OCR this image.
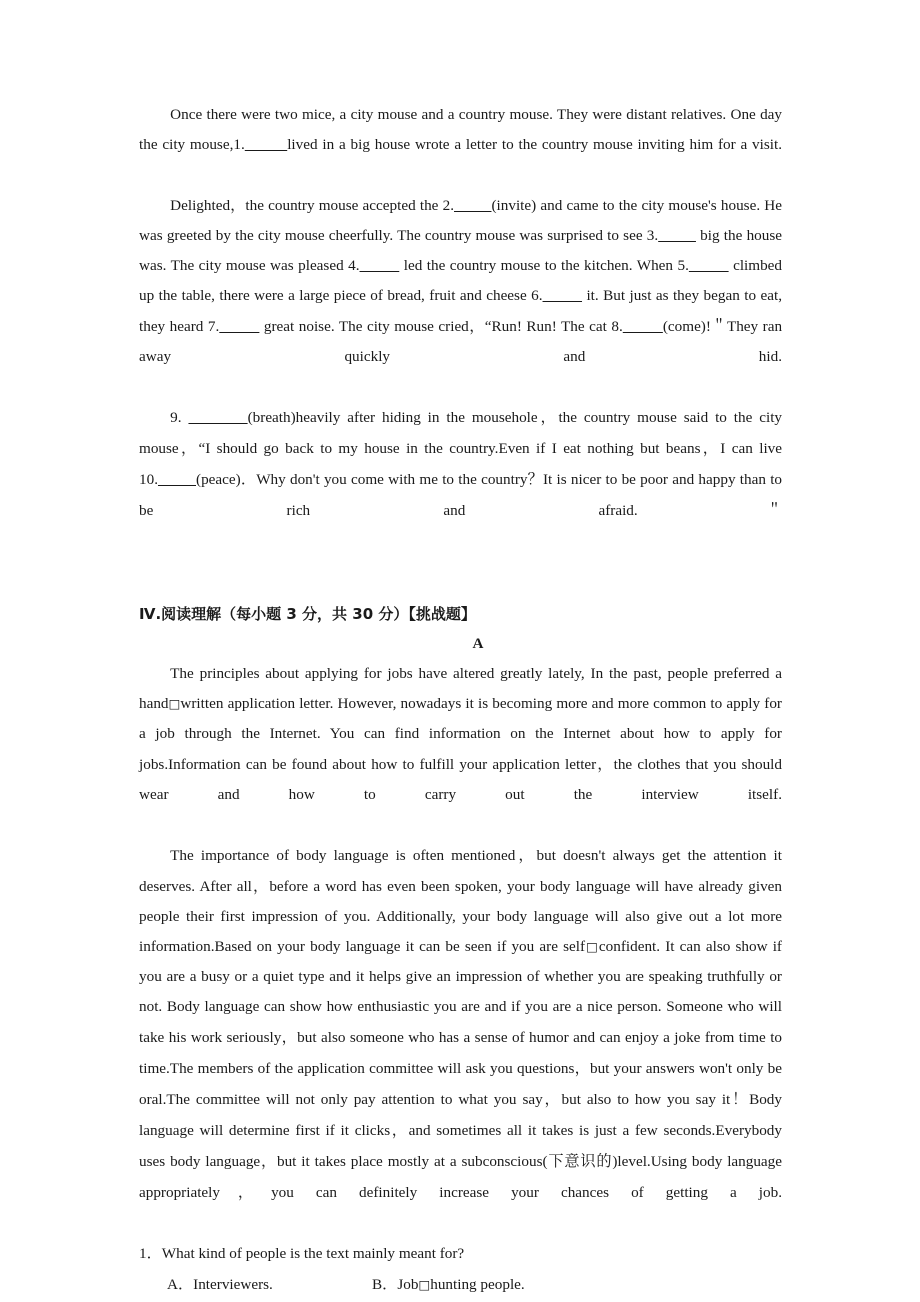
Once there were two mice, a city mouse and a country mouse. They were distant relatives. One day the city mouse,1.	lived in a big house wrote a letter to the country mouse inviting him for a visit.

Delighted，the country mouse accepted the 2. (invite) and came to the city mouse's house. He was greeted by the city mouse cheerfully. The country mouse was surprised to see 3.         big the house was. The city mouse was pleased 4.	led the country mouse to the kitchen. When 5.	climbed up the table, there were a large piece of bread, fruit and cheese 6.	it. But just as they began to eat, they heard 7.	great noise. The city mouse cried，“Run! Run! The cat 8.	(come)!＂They ran away quickly and hid.

9.	(breath)heavily after hiding in the mousehole，the country mouse said to the city mouse，“I should go back to my house in the country.Even if I eat nothing but beans，I can live 10.	(peace)．Why don't you come with me to the country？It is nicer to be poor and happy than to be rich and afraid.＂

Ⅳ.阅读理解（每小题 3 分，共 30 分）【挑战题】

A

The principles about applying for jobs have altered greatly lately, In the past, people preferred a hand□written application letter. However, nowadays it is becoming more and more common to apply for a job through the Internet. You can find information on the Internet about how to apply for jobs.Information can be found about how to fulfill your application letter，the clothes that you should wear and how to carry out the interview itself.

The importance of body language is often mentioned，but doesn't always get the attention it deserves. After all，before a word has even been spoken, your body language will have already given people their first impression of you. Additionally, your body language will also give out a lot more information.Based on your body language it can be seen if you are self□confident. It can also show if you are a busy or a quiet type and it helps give an impression of whether you are speaking truthfully or not. Body language can show how enthusiastic you are and if you are a nice person. Someone who will take his work seriously，but also someone who has a sense of humor and can enjoy a joke from time to time.The members of the application committee will ask you questions，but your answers won't only be oral.The committee will not only pay attention to what you say，but also to how you say it！Body language will determine first if it clicks，and sometimes all it takes is just a few seconds.Everybody uses body language，but it takes place mostly at a subconscious(下意识的)level.Using body language appropriately，you can definitely increase your chances of getting a job.

1．What kind of people is the text mainly meant for?

A．Interviewers.	B．Job□hunting people.
